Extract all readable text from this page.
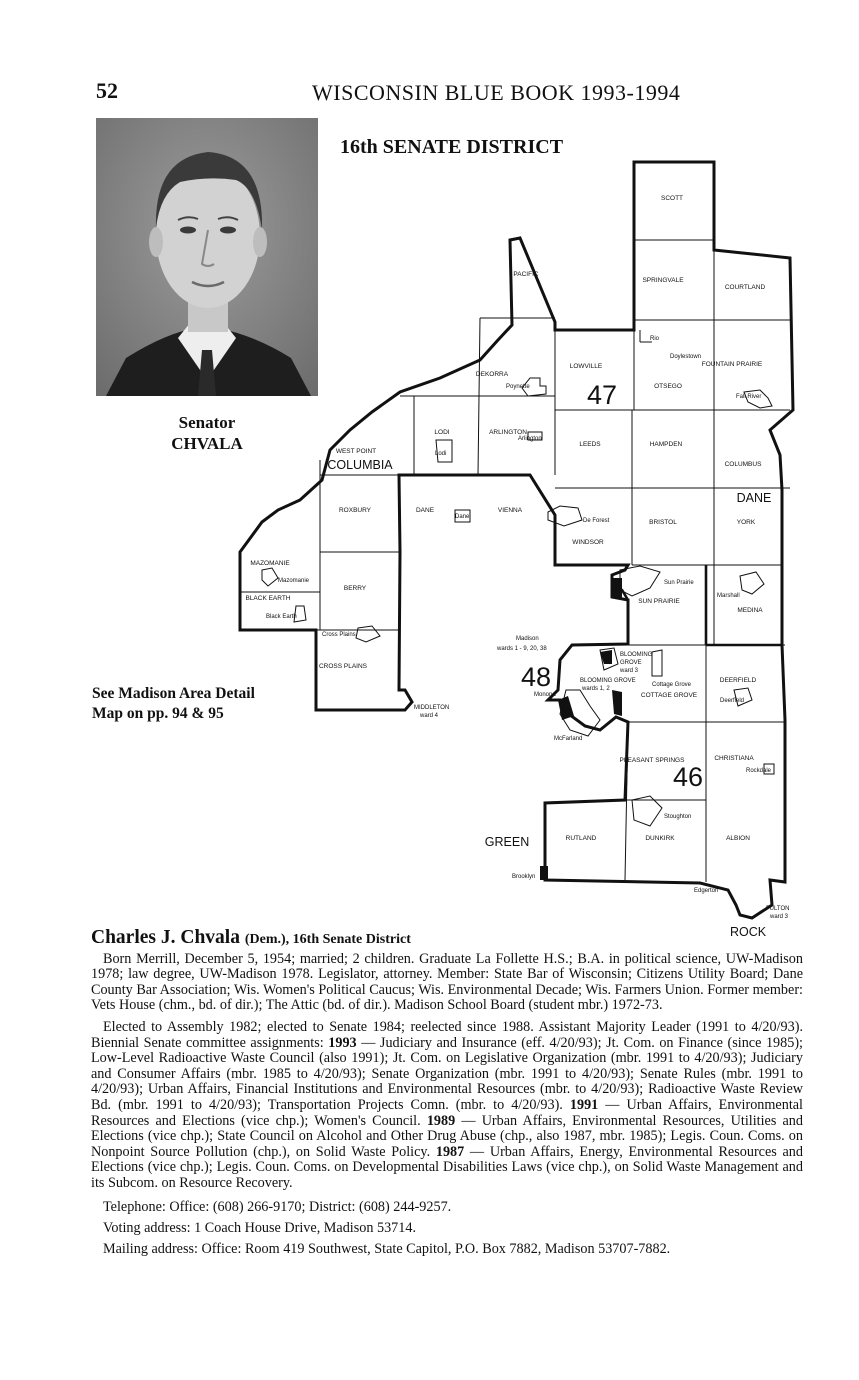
52	WISCONSIN BLUE BOOK 1993-1994
Senator
CHVALA
16th SENATE DISTRICT
47
48
46
COLUMBIA
DANE
GREEN
ROCK
SCOTT
PACIFIC
SPRINGVALE
COURTLAND
Rio
Doylestown
FOUNTAIN PRAIRIE
DEKORRA
Poynette
LOWVILLE
OTSEGO
Fall River
LODI
Lodi
ARLINGTON
Arlington
LEEDS	HAMPDEN
COLUMBUS
WEST POINT
ROXBURY	DANE
Dane
VIENNA
De Forest
WINDSOR
BRISTOL	YORK
MAZOMANIE
Mazomanie
BLACK EARTH
Black Earth
BERRY
Sun Prairie
SUN PRAIRIE
Marshall
MEDINA
Cross Plains
CROSS PLAINS
Madison
wards 1 - 9, 20, 38
BLOOMING
GROVE
ward 3
BLOOMING GROVE
wards 1, 2
Cottage Grove
COTTAGE GROVE
DEERFIELD
Deerfield
Monona
MIDDLETON
ward 4
McFarland
PLEASANT SPRINGS	CHRISTIANA
Rockdale
Stoughton
RUTLAND	DUNKIRK	ALBION
Brooklyn
Edgerton
FULTON
ward 3
See Madison Area Detail
Map on pp. 94 & 95
Charles J. Chvala (Dem.), 16th Senate District

Born Merrill, December 5, 1954; married; 2 children. Graduate La Follette H.S.; B.A. in political science, UW-Madison 1978; law degree, UW-Madison 1978. Legislator, attorney. Member: State Bar of Wisconsin; Citizens Utility Board; Dane County Bar Association; Wis. Women's Political Caucus; Wis. Environmental Decade; Wis. Farmers Union. Former member: Vets House (chm., bd. of dir.); The Attic (bd. of dir.). Madison School Board (student mbr.) 1972-73.

Elected to Assembly 1982; elected to Senate 1984; reelected since 1988. Assistant Majority Leader (1991 to 4/20/93). Biennial Senate committee assignments: 1993 — Judiciary and Insurance (eff. 4/20/93); Jt. Com. on Finance (since 1985); Low-Level Radioactive Waste Council (also 1991); Jt. Com. on Legislative Organization (mbr. 1991 to 4/20/93); Judiciary and Consumer Affairs (mbr. 1985 to 4/20/93); Senate Organization (mbr. 1991 to 4/20/93); Senate Rules (mbr. 1991 to 4/20/93); Urban Affairs, Financial Institutions and Environmental Resources (mbr. to 4/20/93); Radioactive Waste Review Bd. (mbr. 1991 to 4/20/93); Transportation Projects Comn. (mbr. to 4/20/93). 1991 — Urban Affairs, Environmental Resources and Elections (vice chp.); Women's Council. 1989 — Urban Affairs, Environmental Resources, Utilities and Elections (vice chp.); State Council on Alcohol and Other Drug Abuse (chp., also 1987, mbr. 1985); Legis. Coun. Coms. on Nonpoint Source Pollution (chp.), on Solid Waste Policy. 1987 — Urban Affairs, Energy, Environmental Resources and Elections (vice chp.); Legis. Coun. Coms. on Developmental Disabilities Laws (vice chp.), on Solid Waste Management and its Subcom. on Resource Recovery.

Telephone: Office: (608) 266-9170; District: (608) 244-9257.

Voting address: 1 Coach House Drive, Madison 53714.

Mailing address: Office: Room 419 Southwest, State Capitol, P.O. Box 7882, Madison 53707-7882.
